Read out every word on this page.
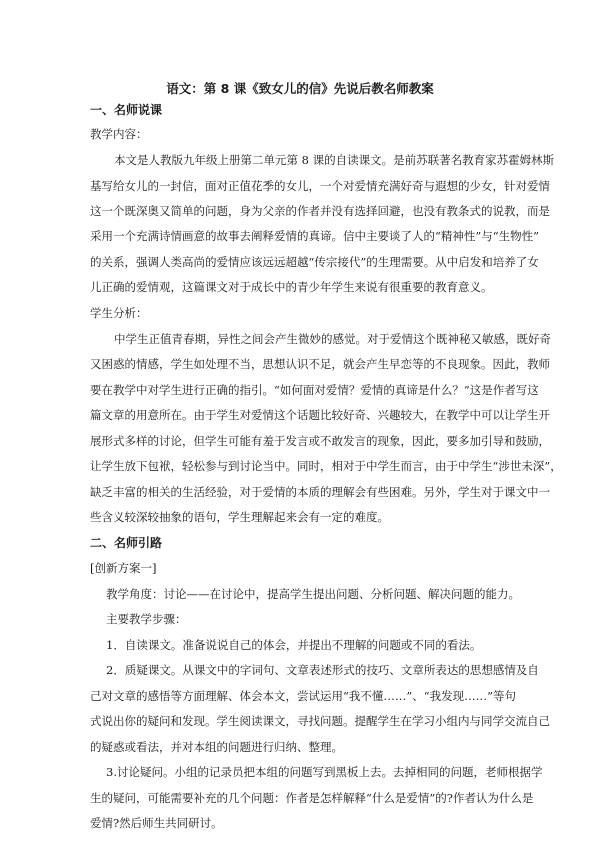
语文：第 8 课《致女儿的信》先说后教名师教案
一、名师说课
教学内容：
本文是人教版九年级上册第二单元第 8 课的自读课文。是前苏联著名教育家苏霍姆林斯
基写给女儿的一封信，面对正值花季的女儿，一个对爱情充满好奇与遐想的少女，针对爱情
这一个既深奥又简单的问题，身为父亲的作者并没有选择回避，也没有教条式的说教，而是
采用一个充满诗情画意的故事去阐释爱情的真谛。信中主要谈了人的“精神性”与“生物性”
的关系，强调人类高尚的爱情应该远远超越“传宗接代”的生理需要。从中启发和培养了女
儿正确的爱情观，这篇课文对于成长中的青少年学生来说有很重要的教育意义。
学生分析：
中学生正值青春期，异性之间会产生微妙的感觉。对于爱情这个既神秘又敏感，既好奇
又困惑的情感，学生如处理不当，思想认识不足，就会产生早恋等的不良现象。因此，教师
要在教学中对学生进行正确的指引。“如何面对爱情？爱情的真谛是什么？”这是作者写这
篇文章的用意所在。由于学生对爱情这个话题比较好奇、兴趣较大，在教学中可以让学生开
展形式多样的讨论，但学生可能有羞于发言或不敢发言的现象，因此，要多加引导和鼓励，
让学生放下包袱，轻松参与到讨论当中。同时，相对于中学生而言，由于中学生“涉世未深”，
缺乏丰富的相关的生活经验，对于爱情的本质的理解会有些困难。另外，学生对于课文中一
些含义较深较抽象的语句，学生理解起来会有一定的难度。
二、名师引路
[创新方案一]
教学角度：讨论——在讨论中，提高学生提出问题、分析问题、解决问题的能力。
主要教学步骤：
1．自读课文。准备说说自己的体会，并提出不理解的问题或不同的看法。
2．质疑课文。从课文中的字词句、文章表述形式的技巧、文章所表达的思想感情及自
己对文章的感悟等方面理解、体会本文，尝试运用“我不懂……”、“我发现……”等句
式说出你的疑问和发现。学生阅读课文，寻找问题。提醒学生在学习小组内与同学交流自己
的疑惑或看法，并对本组的问题进行归纳、整理。
3.讨论疑问。小组的记录员把本组的问题写到黑板上去。去掉相同的问题，老师根据学
生的疑问，可能需要补充的几个问题：作者是怎样解释“什么是爱情”的?作者认为什么是
爱情?然后师生共同研讨。
